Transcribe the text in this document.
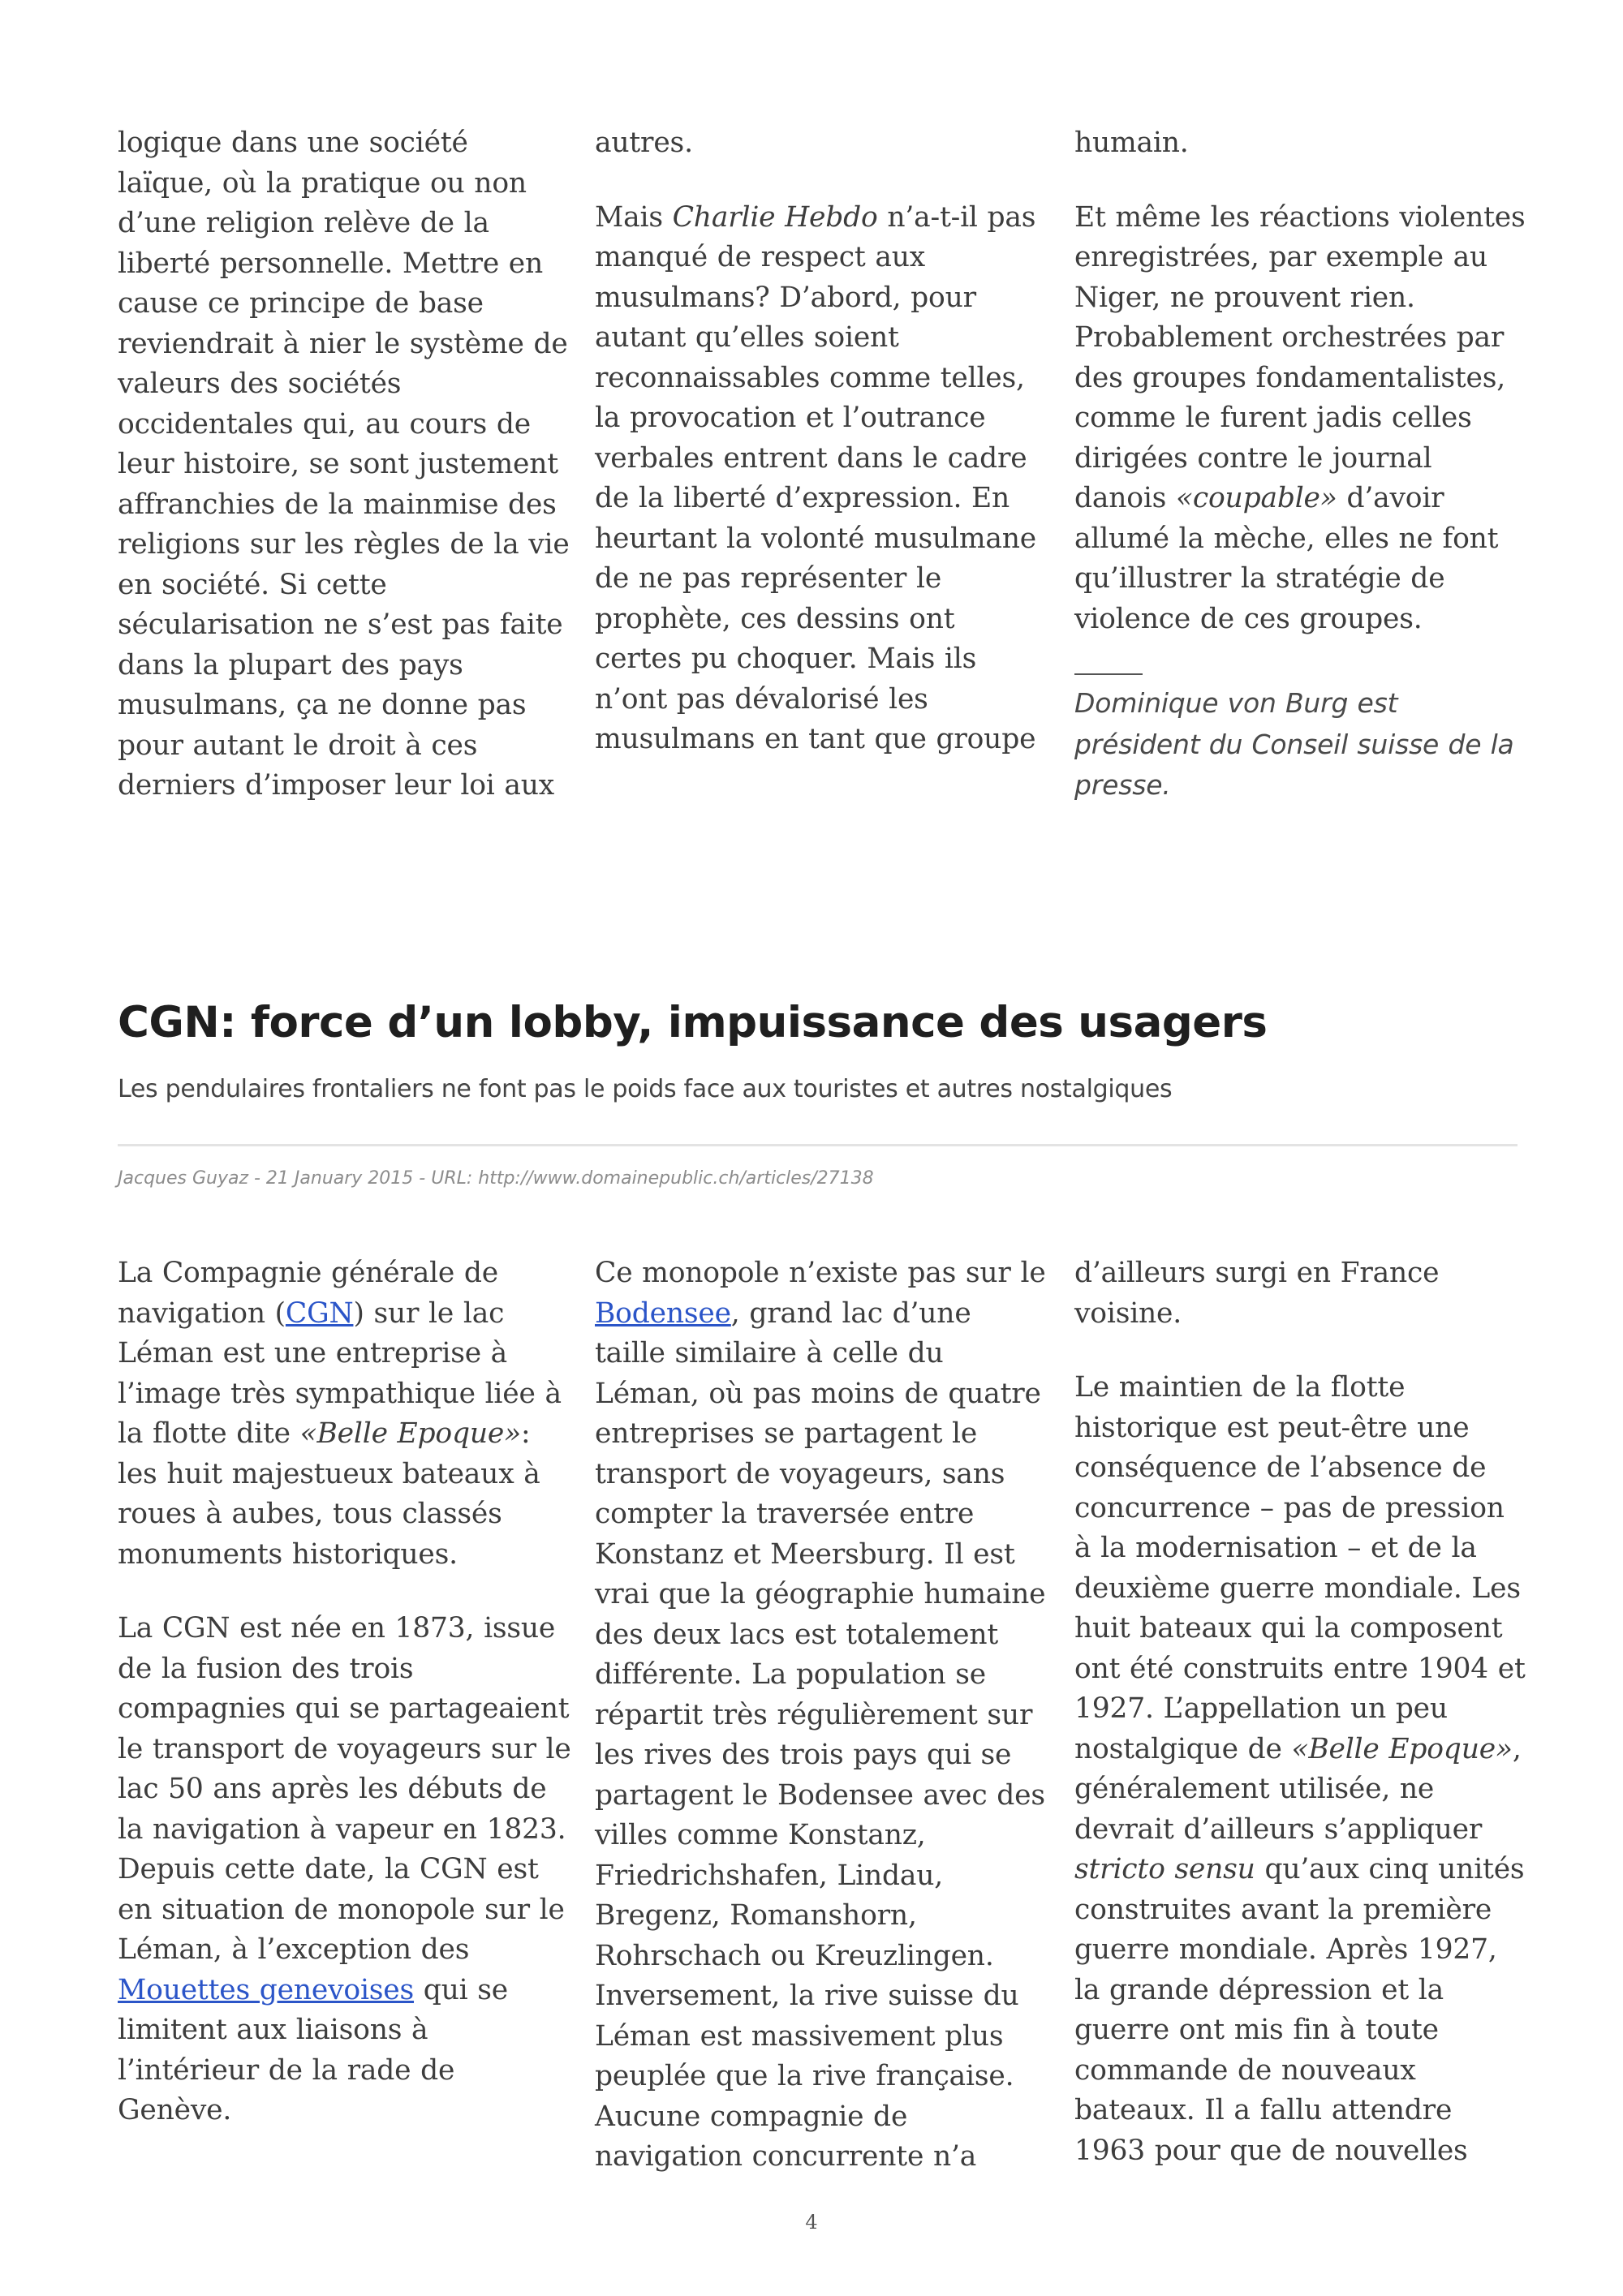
logique dans une société laïque, où la pratique ou non d’une religion relève de la liberté personnelle. Mettre en cause ce principe de base reviendrait à nier le système de valeurs des sociétés occidentales qui, au cours de leur histoire, se sont justement affranchies de la mainmise des religions sur les règles de la vie en société. Si cette sécularisation ne s’est pas faite dans la plupart des pays musulmans, ça ne donne pas pour autant le droit à ces derniers d’imposer leur loi aux

autres.

Mais Charlie Hebdo n’a-t-il pas manqué de respect aux musulmans? D’abord, pour autant qu’elles soient reconnaissables comme telles, la provocation et l’outrance verbales entrent dans le cadre de la liberté d’expression. En heurtant la volonté musulmane de ne pas représenter le prophète, ces dessins ont certes pu choquer. Mais ils n’ont pas dévalorisé les musulmans en tant que groupe

humain.

Et même les réactions violentes enregistrées, par exemple au Niger, ne prouvent rien. Probablement orchestrées par des groupes fondamentalistes, comme le furent jadis celles dirigées contre le journal danois «coupable» d’avoir allumé la mèche, elles ne font qu’illustrer la stratégie de violence de ces groupes.

Dominique von Burg est président du Conseil suisse de la presse.
CGN: force d’un lobby, impuissance des usagers

Les pendulaires frontaliers ne font pas le poids face aux touristes et autres nostalgiques

Jacques Guyaz - 21 January 2015 - URL: http://www.domainepublic.ch/articles/27138

La Compagnie générale de navigation (CGN) sur le lac Léman est une entreprise à l’image très sympathique liée à la flotte dite «Belle Epoque»: les huit majestueux bateaux à roues à aubes, tous classés monuments historiques.

La CGN est née en 1873, issue de la fusion des trois compagnies qui se partageaient le transport de voyageurs sur le lac 50 ans après les débuts de la navigation à vapeur en 1823. Depuis cette date, la CGN est en situation de monopole sur le Léman, à l’exception des Mouettes genevoises qui se limitent aux liaisons à l’intérieur de la rade de Genève.

Ce monopole n’existe pas sur le Bodensee, grand lac d’une taille similaire à celle du Léman, où pas moins de quatre entreprises se partagent le transport de voyageurs, sans compter la traversée entre Konstanz et Meersburg. Il est vrai que la géographie humaine des deux lacs est totalement différente. La population se répartit très régulièrement sur les rives des trois pays qui se partagent le Bodensee avec des villes comme Konstanz, Friedrichshafen, Lindau, Bregenz, Romanshorn, Rohrschach ou Kreuzlingen. Inversement, la rive suisse du Léman est massivement plus peuplée que la rive française. Aucune compagnie de navigation concurrente n’a

d’ailleurs surgi en France voisine.

Le maintien de la flotte historique est peut-être une conséquence de l’absence de concurrence – pas de pression à la modernisation – et de la deuxième guerre mondiale. Les huit bateaux qui la composent ont été construits entre 1904 et 1927. L’appellation un peu nostalgique de «Belle Epoque», généralement utilisée, ne devrait d’ailleurs s’appliquer stricto sensu qu’aux cinq unités construites avant la première guerre mondiale. Après 1927, la grande dépression et la guerre ont mis fin à toute commande de nouveaux bateaux. Il a fallu attendre 1963 pour que de nouvelles

4
